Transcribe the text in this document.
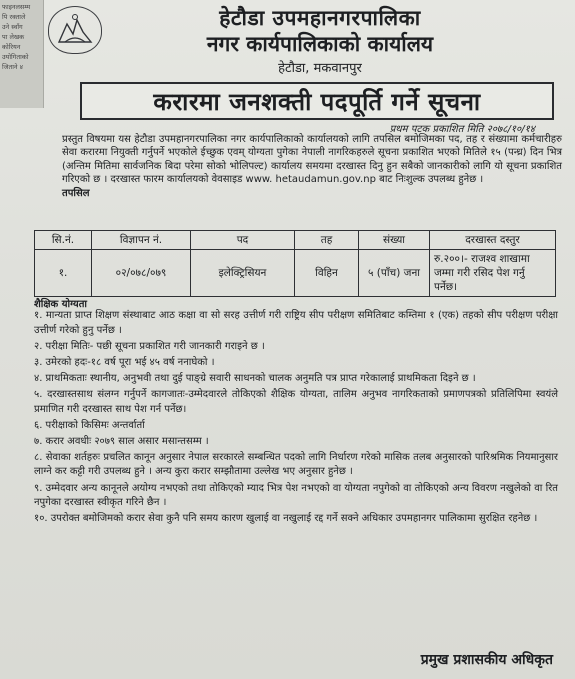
फाइनलसम्म
पि रक्ताले
उने स्वाँग
पा लेखक
कोरियन
उयोगिताको
जिताने ४
हेटौडा उपमहानगरपालिका
नगर कार्यपालिकाको कार्यालय
हेटौडा, मकवानपुर
करारमा जनशक्ती पदपूर्ति गर्ने सूचना
प्रथम पटक प्रकाशित मिति २०७८/१०/१४
प्रस्तुत विषयमा यस हेटौडा उपमहानगरपालिका नगर कार्यपालिकाको कार्यालयको लागि तपसिल बमोजिमका पद, तह र संख्यामा कर्मचारीहरु सेवा करारमा नियुक्ती गर्नुपर्ने भएकोले ईच्छुक एवम् योग्यता पुगेका नेपाली नागरिकहरुले सूचना प्रकाशित भएको मितिले १५ (पन्ध्र) दिन भित्र (अन्तिम मितिमा सार्वजनिक बिदा परेमा सोको भोलिपल्ट) कार्यालय समयमा दरखास्त दिनु हुन सबैको जानकारीको लागि यो सूचना प्रकाशित गरिएको छ । दरखास्त फारम कार्यालयको वेवसाइड www. hetaudamun.gov.np बाट निःशुल्क उपलब्ध हुनेछ ।
तपसिल
सि.नं.	विज्ञापन नं.	पद	तह	संख्या	दरखास्त दस्तुर
१.	०२/०७८/०७९	इलेक्ट्रिसियन	विहिन	५ (पाँच) जना	रु.२००।- राजश्व शाखामा जम्मा गरी रसिद पेश गर्नु पर्नेछ।
शैक्षिक योग्यता

१. मान्यता प्राप्त शिक्षण संस्थाबाट आठ कक्षा वा सो सरह उत्तीर्ण गरी राष्ट्रिय सीप परीक्षण समितिबाट कम्तिमा १ (एक) तहको सीप परीक्षण परीक्षा उत्तीर्ण गरेको हुनु पर्नेछ ।

२. परीक्षा मितिः- पछी सूचना प्रकाशित गरी जानकारी गराइने छ ।

३. उमेरको हदः-१८ वर्ष पूरा भई ४५ वर्ष ननाघेको ।

४. प्राथमिकताः स्थानीय, अनुभवी तथा दुई पाङ्ग्रे सवारी साधनको चालक अनुमति पत्र प्राप्त गरेकालाई प्राथमिकता दिइने छ ।

५. दरखास्तसाथ संलग्न गर्नुपर्ने कागजातः-उम्मेदवारले तोकिएको शैक्षिक योग्यता, तालिम अनुभव नागरिकताको प्रमाणपत्रको प्रतिलिपिमा स्वयंले प्रमाणित गरी दरखास्त साथ पेश गर्न पर्नेछ।

६. परीक्षाको किसिमः अन्तर्वार्ता

७. करार अवधीः २०७९ साल असार मसान्तसम्म ।

८. सेवाका शर्तहरुः प्रचलित कानून अनुसार नेपाल सरकारले सम्बन्धित पदको लागि निर्धारण गरेको मासिक तलब अनुसारको पारिश्रमिक नियमानुसार लाग्ने कर कट्टी गरी उपलब्ध हुने । अन्य कुरा करार सम्झौतामा उल्लेख भए अनुसार हुनेछ ।

९. उम्मेदवार अन्य कानूनले अयोग्य नभएको तथा तोकिएको म्याद भित्र पेश नभएको वा योग्यता नपुगेको वा तोकिएको अन्य विवरण नखुलेको वा रित नपुगेका दरखास्त स्वीकृत गरिने छैन ।

१०. उपरोक्त बमोजिमको करार सेवा कुनै पनि समय कारण खुलाई वा नखुलाई रद्द गर्ने सक्ने अधिकार उपमहानगर पालिकामा सुरक्षित रहनेछ ।

प्रमुख प्रशासकीय अधिकृत
